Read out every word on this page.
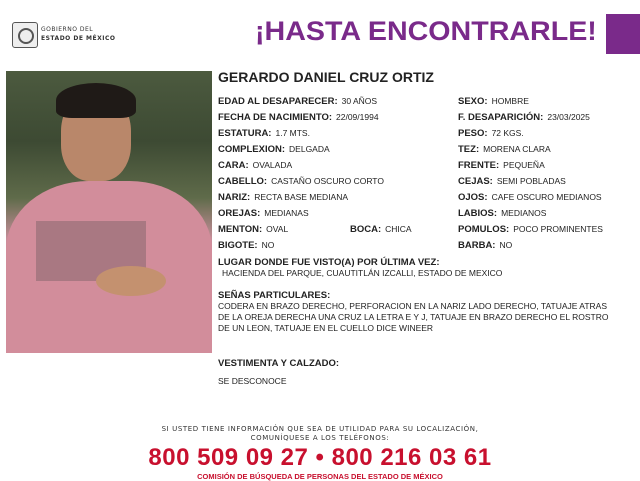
GOBIERNO DEL
ESTADO DE MÉXICO	¡HASTA ENCONTRARLE!
GERARDO DANIEL CRUZ ORTIZ
EDAD AL DESAPARECER: 30 AÑOS
FECHA DE NACIMIENTO: 22/09/1994
ESTATURA: 1.7 MTS.
COMPLEXION: DELGADA
CARA: OVALADA
CABELLO: CASTAÑO OSCURO CORTO
NARIZ: RECTA BASE MEDIANA
OREJAS: MEDIANAS
MENTON: OVAL	BOCA: CHICA
BIGOTE: NO
SEXO: HOMBRE
F. DESAPARICIÓN: 23/03/2025
PESO: 72 KGS.
TEZ: MORENA CLARA
FRENTE: PEQUEÑA
CEJAS: SEMI POBLADAS
OJOS: CAFE OSCURO MEDIANOS
LABIOS: MEDIANOS
POMULOS: POCO PROMINENTES
BARBA: NO
LUGAR DONDE FUE VISTO(A) POR ÚLTIMA VEZ:
HACIENDA DEL PARQUE, CUAUTITLÁN IZCALLI, ESTADO DE MEXICO
SEÑAS PARTICULARES:
CODERA EN BRAZO DERECHO, PERFORACION EN LA NARIZ LADO DERECHO, TATUAJE ATRAS DE LA OREJA DERECHA UNA CRUZ LA LETRA E Y J, TATUAJE EN BRAZO DERECHO EL ROSTRO DE UN LEON, TATUAJE EN EL CUELLO DICE WINEER
VESTIMENTA Y CALZADO:
SE DESCONOCE
SI USTED TIENE INFORMACIÓN QUE SEA DE UTILIDAD PARA SU LOCALIZACIÓN,
COMUNÍQUESE A LOS TELÉFONOS:
800 509 09 27 • 800 216 03 61
COMISIÓN DE BÚSQUEDA DE PERSONAS DEL ESTADO DE MÉXICO
